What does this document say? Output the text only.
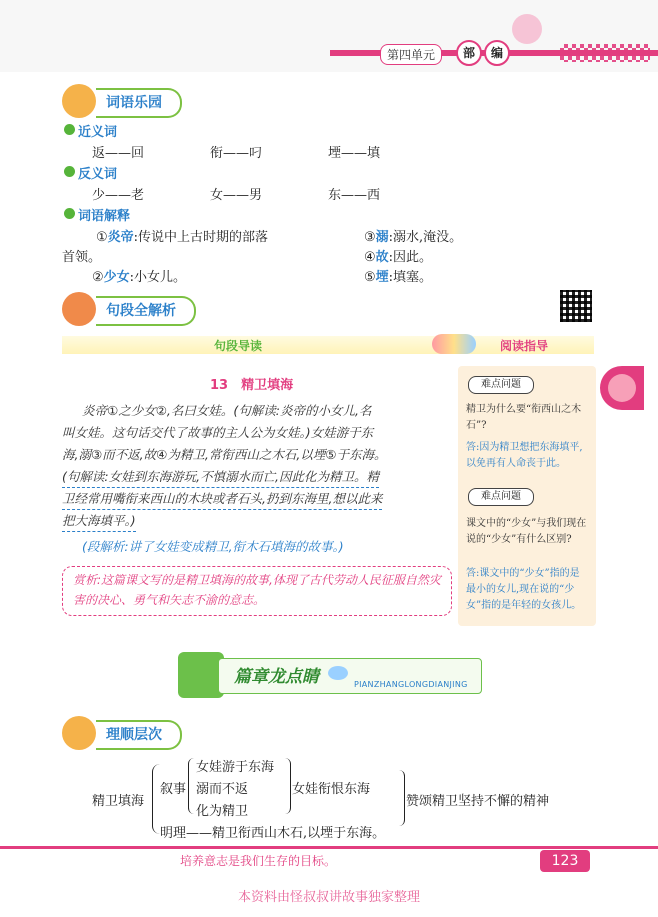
第四单元	部	编
词语乐园
近义词
返——回	衔——叼	堙——填
反义词
少——老	女——男	东——西
词语解释
①炎帝:传说中上古时期的部落
首领。
②少女:小女儿。
③溺:溺水,淹没。
④故:因此。
⑤堙:填塞。
句段全解析
句段导读	阅读指导
13　精卫填海
炎帝①之少女②,名曰女娃。(句解读:炎帝的小女儿,名
叫女娃。这句话交代了故事的主人公为女娃。)女娃游于东
海,溺③而不返,故④为精卫,常衔西山之木石,以堙⑤于东海。
(句解读:女娃到东海游玩,不慎溺水而亡,因此化为精卫。精
卫经常用嘴衔来西山的木块或者石头,扔到东海里,想以此来
把大海填平。)
(段解析:讲了女娃变成精卫,衔木石填海的故事。)
赏析:这篇课文写的是精卫填海的故事,体现了古代劳动人民征服自然灾害的决心、勇气和矢志不渝的意志。
难点问题
精卫为什么要“衔西山之木石”?
答:因为精卫想把东海填平,以免再有人命丧于此。
难点问题
课文中的“少女”与我们现在说的“少女”有什么区别?
答:课文中的“少女”指的是最小的女儿,现在说的“少女”指的是年轻的女孩儿。
篇章龙点睛	PIANZHANGLONGDIANJING
理顺层次
精卫填海
叙事
女娃游于东海
溺而不返
化为精卫
女娃衔恨东海
赞颂精卫坚持不懈的精神
明理——精卫衔西山木石,以堙于东海。
培养意志是我们生存的目标。	123
本资料由怪叔叔讲故事独家整理
